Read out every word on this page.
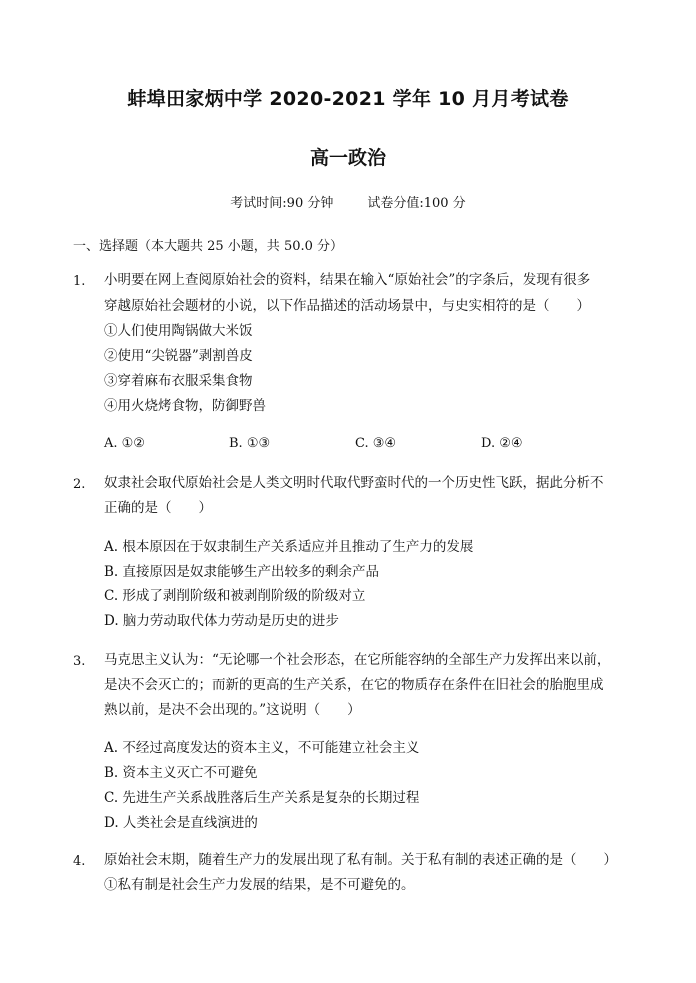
蚌埠田家炳中学 2020-2021 学年 10 月月考试卷
高一政治
考试时间:90 分钟	试卷分值:100 分
一、选择题（本大题共 25 小题，共 50.0 分）
1. 小明要在网上查阅原始社会的资料，结果在输入“原始社会”的字条后，发现有很多
穿越原始社会题材的小说，以下作品描述的活动场景中，与史实相符的是（　　）
①人们使用陶锅做大米饭
②使用“尖锐器”剥割兽皮
③穿着麻布衣服采集食物
④用火烧烤食物，防御野兽
A. ①②	B. ①③	C. ③④	D. ②④
2. 奴隶社会取代原始社会是人类文明时代取代野蛮时代的一个历史性飞跃，据此分析不
正确的是（　　）
A. 根本原因在于奴隶制生产关系适应并且推动了生产力的发展
B. 直接原因是奴隶能够生产出较多的剩余产品
C. 形成了剥削阶级和被剥削阶级的阶级对立
D. 脑力劳动取代体力劳动是历史的进步
3. 马克思主义认为：“无论哪一个社会形态，在它所能容纳的全部生产力发挥出来以前，
是决不会灭亡的；而新的更高的生产关系，在它的物质存在条件在旧社会的胎胞里成
熟以前，是决不会出现的。”这说明（　　）
A. 不经过高度发达的资本主义，不可能建立社会主义
B. 资本主义灭亡不可避免
C. 先进生产关系战胜落后生产关系是复杂的长期过程
D. 人类社会是直线演进的
4. 原始社会末期，随着生产力的发展出现了私有制。关于私有制的表述正确的是（　　）
①私有制是社会生产力发展的结果，是不可避免的。
